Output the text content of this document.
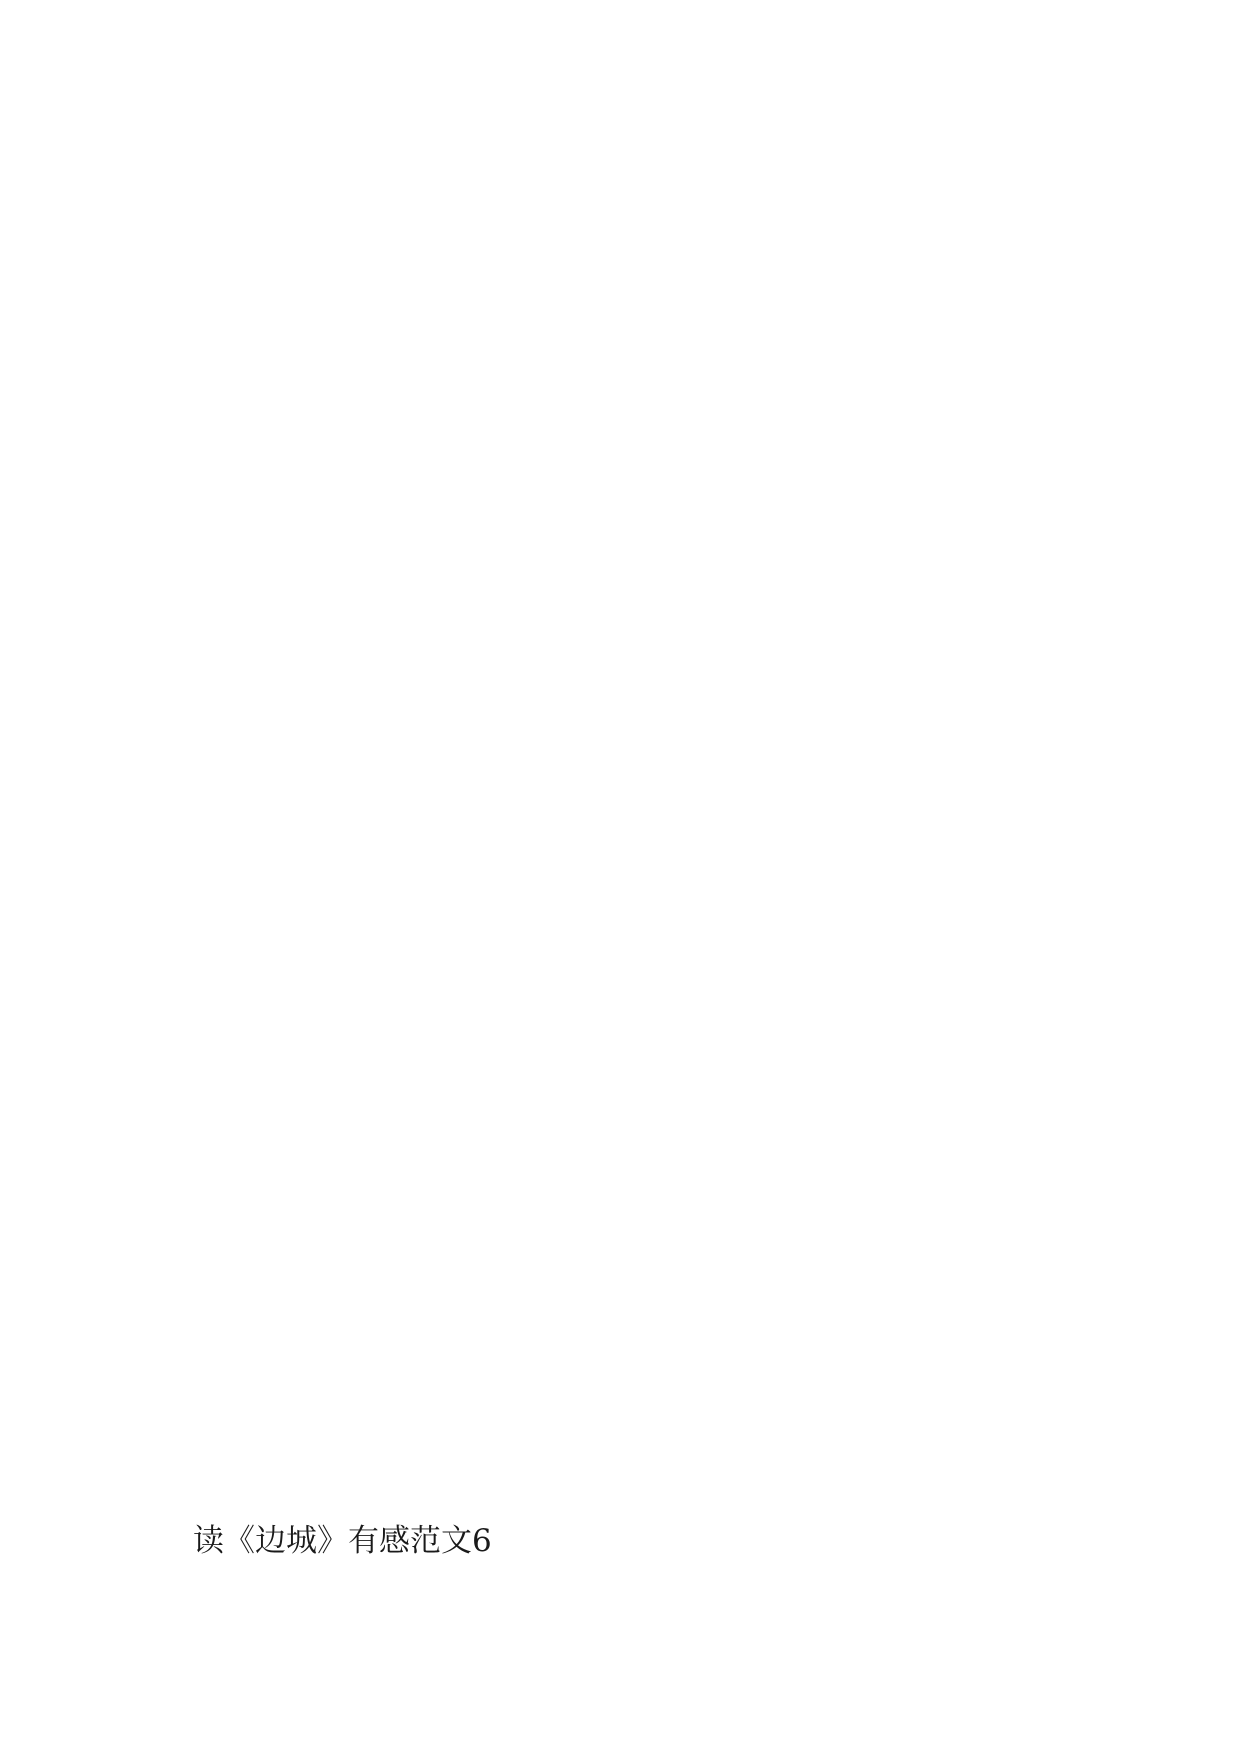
读《边城》有感范文6
